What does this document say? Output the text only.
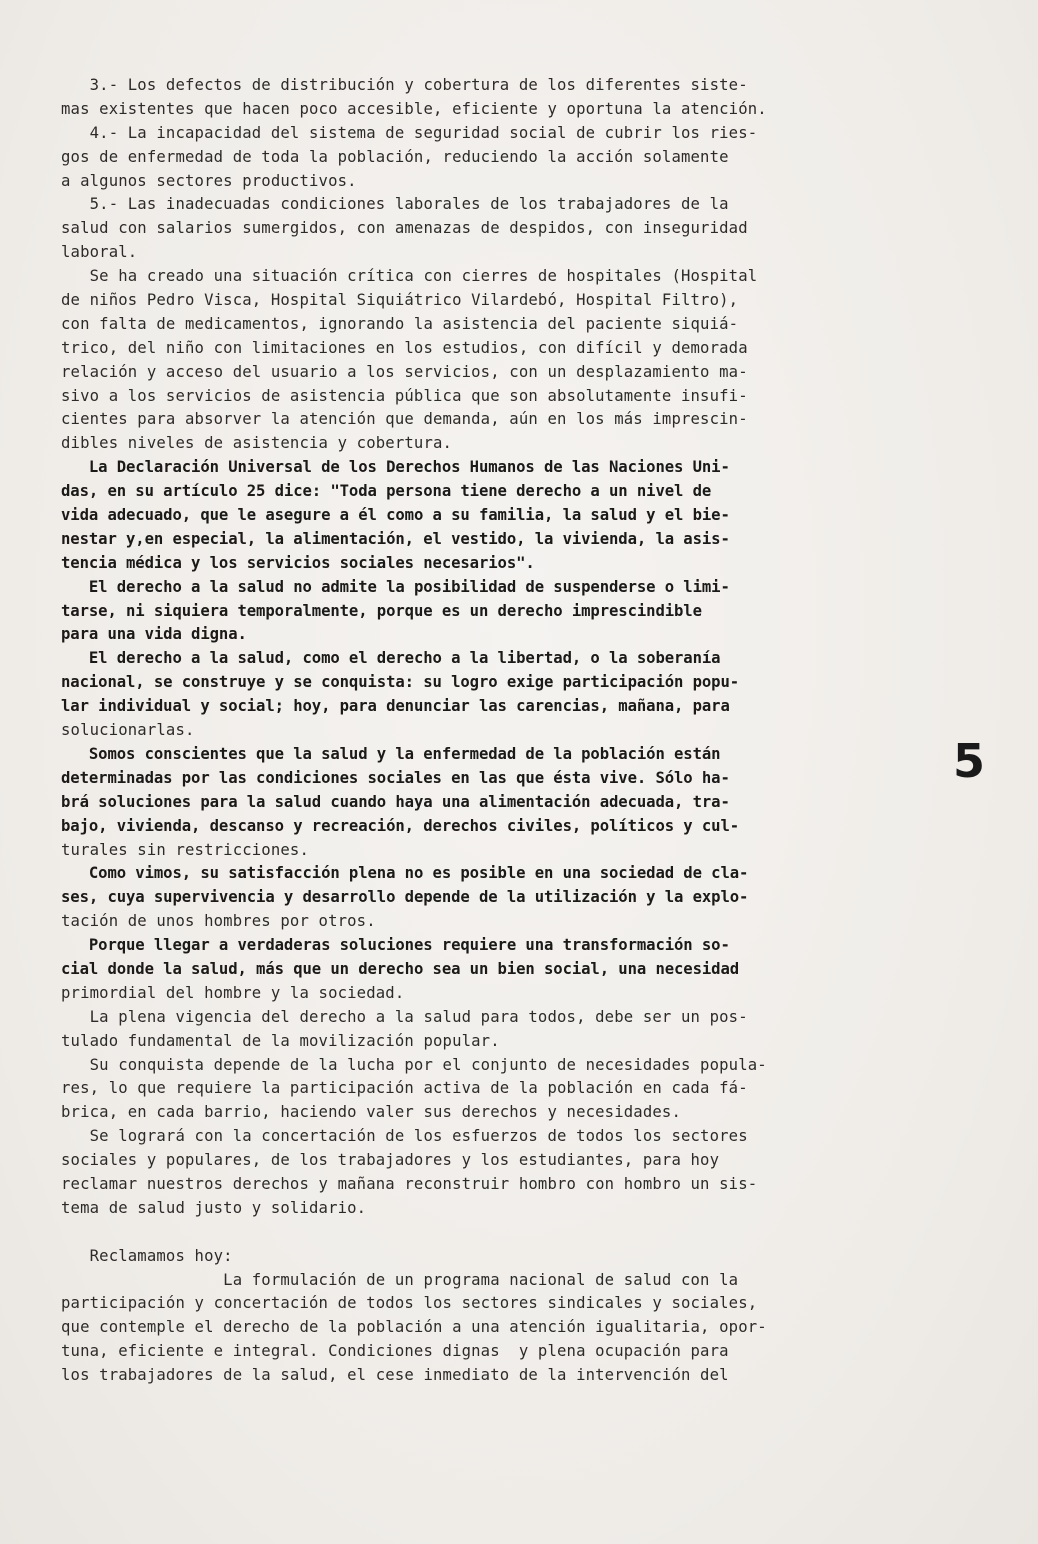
3.- Los defectos de distribución y cobertura de los diferentes siste-
mas existentes que hacen poco accesible, eficiente y oportuna la atención.
4.- La incapacidad del sistema de seguridad social de cubrir los ries-
gos de enfermedad de toda la población, reduciendo la acción solamente
a algunos sectores productivos.
5.- Las inadecuadas condiciones laborales de los trabajadores de la
salud con salarios sumergidos, con amenazas de despidos, con inseguridad
laboral.
Se ha creado una situación crítica con cierres de hospitales (Hospital
de niños Pedro Visca, Hospital Siquiátrico Vilardebó, Hospital Filtro),
con falta de medicamentos, ignorando la asistencia del paciente siquiá-
trico, del niño con limitaciones en los estudios, con difícil y demorada
relación y acceso del usuario a los servicios, con un desplazamiento ma-
sivo a los servicios de asistencia pública que son absolutamente insufi-
cientes para absorver la atención que demanda, aún en los más imprescin-
dibles niveles de asistencia y cobertura.
La Declaración Universal de los Derechos Humanos de las Naciones Uni-
das, en su artículo 25 dice: "Toda persona tiene derecho a un nivel de
vida adecuado, que le asegure a él como a su familia, la salud y el bie-
nestar y,en especial, la alimentación, el vestido, la vivienda, la asis-
tencia médica y los servicios sociales necesarios".
El derecho a la salud no admite la posibilidad de suspenderse o limi-
tarse, ni siquiera temporalmente, porque es un derecho imprescindible
para una vida digna.
El derecho a la salud, como el derecho a la libertad, o la soberanía
nacional, se construye y se conquista: su logro exige participación popu-
lar individual y social; hoy, para denunciar las carencias, mañana, para
solucionarlas.
Somos conscientes que la salud y la enfermedad de la población están
determinadas por las condiciones sociales en las que ésta vive. Sólo ha-
brá soluciones para la salud cuando haya una alimentación adecuada, tra-
bajo, vivienda, descanso y recreación, derechos civiles, políticos y cul-
turales sin restricciones.
Como vimos, su satisfacción plena no es posible en una sociedad de cla-
ses, cuya supervivencia y desarrollo depende de la utilización y la explo-
tación de unos hombres por otros.
Porque llegar a verdaderas soluciones requiere una transformación so-
cial donde la salud, más que un derecho sea un bien social, una necesidad
primordial del hombre y la sociedad.
La plena vigencia del derecho a la salud para todos, debe ser un pos-
tulado fundamental de la movilización popular.
Su conquista depende de la lucha por el conjunto de necesidades popula-
res, lo que requiere la participación activa de la población en cada fá-
brica, en cada barrio, haciendo valer sus derechos y necesidades.
Se logrará con la concertación de los esfuerzos de todos los sectores
sociales y populares, de los trabajadores y los estudiantes, para hoy
reclamar nuestros derechos y mañana reconstruir hombro con hombro un sis-
tema de salud justo y solidario.
Reclamamos hoy:
La formulación de un programa nacional de salud con la
participación y concertación de todos los sectores sindicales y sociales,
que contemple el derecho de la población a una atención igualitaria, opor-
tuna, eficiente e integral. Condiciones dignas  y plena ocupación para
los trabajadores de la salud, el cese inmediato de la intervención del
5
